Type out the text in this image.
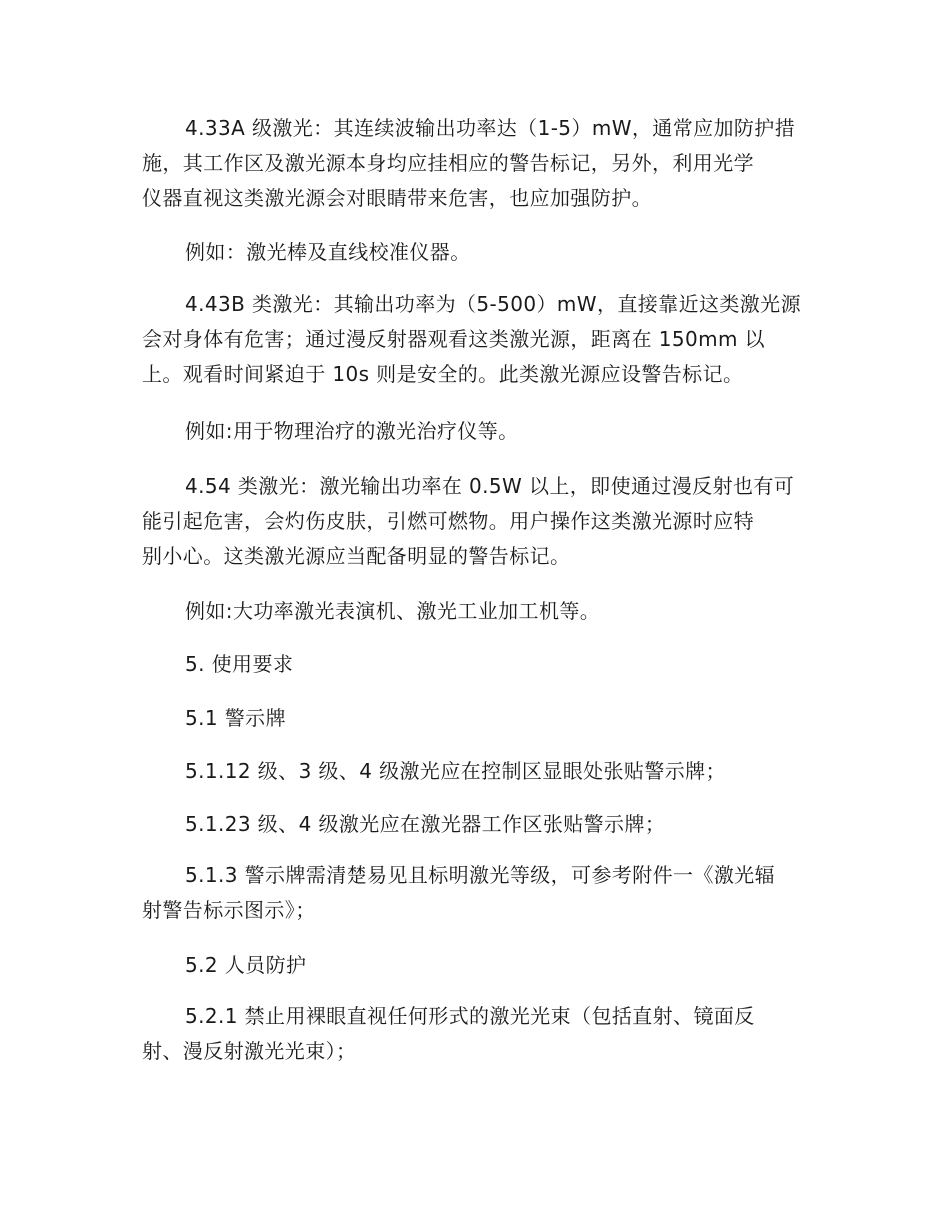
4.33A 级激光：其连续波输出功率达（1-5）mW，通常应加防护措
施，其工作区及激光源本身均应挂相应的警告标记，另外，利用光学
仪器直视这类激光源会对眼睛带来危害，也应加强防护。
例如：激光棒及直线校准仪器。
4.43B 类激光：其输出功率为（5-500）mW，直接靠近这类激光源
会对身体有危害；通过漫反射器观看这类激光源，距离在 150mm 以
上。观看时间紧迫于 10s 则是安全的。此类激光源应设警告标记。
例如:用于物理治疗的激光治疗仪等。
4.54 类激光：激光输出功率在 0.5W 以上，即使通过漫反射也有可
能引起危害，会灼伤皮肤，引燃可燃物。用户操作这类激光源时应特
别小心。这类激光源应当配备明显的警告标记。
例如:大功率激光表演机、激光工业加工机等。
5. 使用要求
5.1 警示牌
5.1.12 级、3 级、4 级激光应在控制区显眼处张贴警示牌；
5.1.23 级、4 级激光应在激光器工作区张贴警示牌；
5.1.3 警示牌需清楚易见且标明激光等级，可参考附件一《激光辐
射警告标示图示》；
5.2 人员防护
5.2.1 禁止用裸眼直视任何形式的激光光束（包括直射、镜面反
射、漫反射激光光束）；
